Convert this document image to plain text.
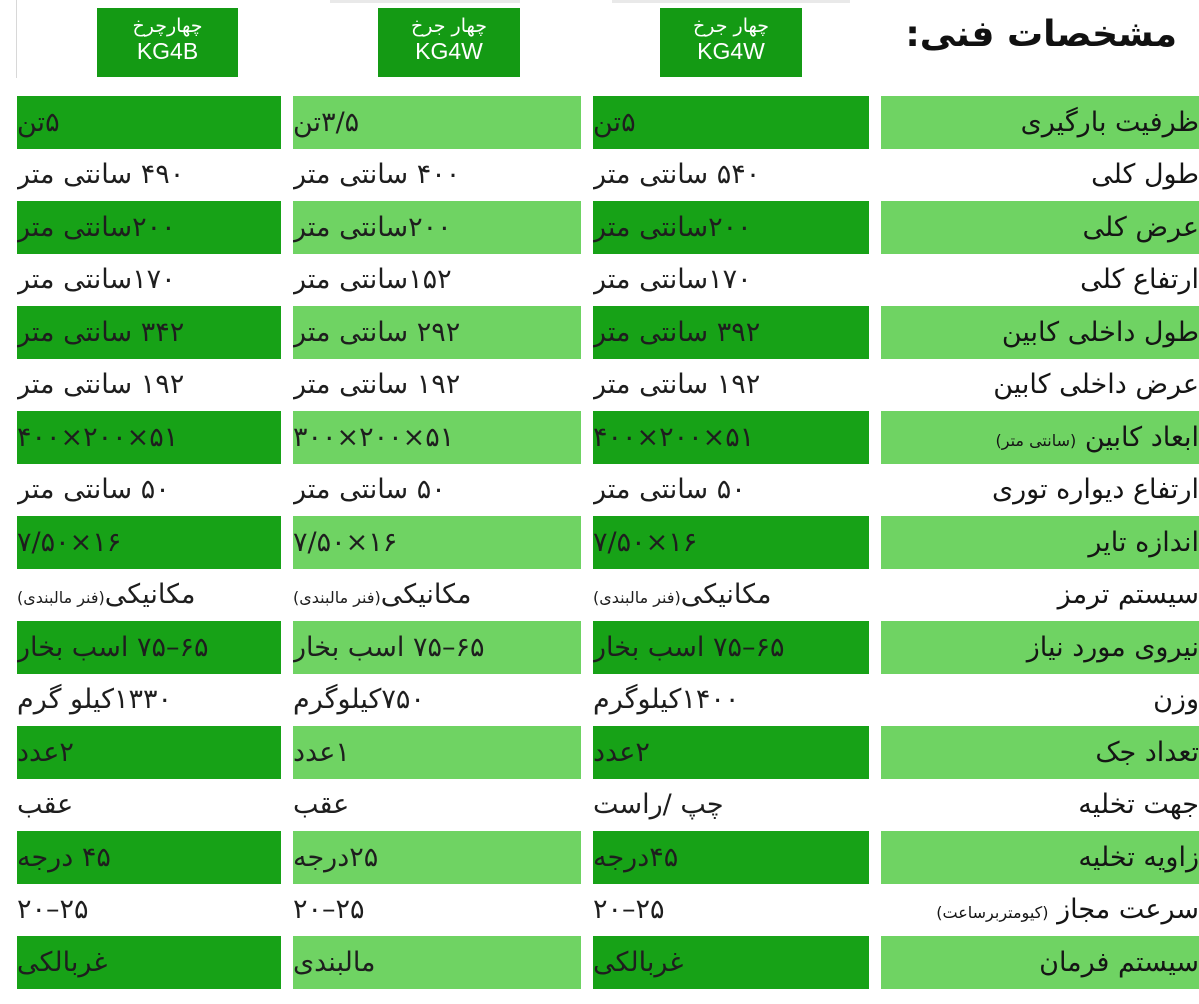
چهار جرخ
KG4W
چهار جرخ
KG4W
چهارچرخ
KG4B	مشخصات فنی:
ظرفیت بارگیری		۵تن		۳/۵تن		۵تن
طول کلی		۵۴۰ سانتی متر		۴۰۰ سانتی متر		۴۹۰ سانتی متر
عرض کلی		۲۰۰سانتی متر		۲۰۰سانتی متر		۲۰۰سانتی متر
ارتفاع کلی		۱۷۰سانتی متر		۱۵۲سانتی متر		۱۷۰سانتی متر
طول داخلی کابین		۳۹۲ سانتی متر		۲۹۲ سانتی متر		۳۴۲ سانتی متر
عرض داخلی کابین		۱۹۲ سانتی متر		۱۹۲ سانتی متر		۱۹۲ سانتی متر
ابعاد کابین (سانتی متر)		۵۱×۲۰۰×۴۰۰		۵۱×۲۰۰×۳۰۰		۵۱×۲۰۰×۴۰۰
ارتفاع دیواره توری		۵۰ سانتی متر		۵۰ سانتی متر		۵۰ سانتی متر
اندازه تایر		۱۶×۷/۵۰		۱۶×۷/۵۰		۱۶×۷/۵۰
سیستم ترمز		مکانیکی(فنر مالبندی)		مکانیکی(فنر مالبندی)		مکانیکی(فنر مالبندی)
نیروی مورد نیاز		۶۵–۷۵ اسب بخار		۶۵–۷۵ اسب بخار		۶۵–۷۵ اسب بخار
وزن		۱۴۰۰کیلوگرم		۷۵۰کیلوگرم		۱۳۳۰کیلو گرم
تعداد جک		۲عدد		۱عدد		۲عدد
جهت تخلیه		چپ /راست		عقب		عقب
زاویه تخلیه		۴۵درجه		۲۵درجه		۴۵ درجه
سرعت مجاز (کیومتربرساعت)		۲۵–۲۰		۲۵–۲۰		۲۵–۲۰
سیستم فرمان		غربالکی		مالبندی		غربالکی
